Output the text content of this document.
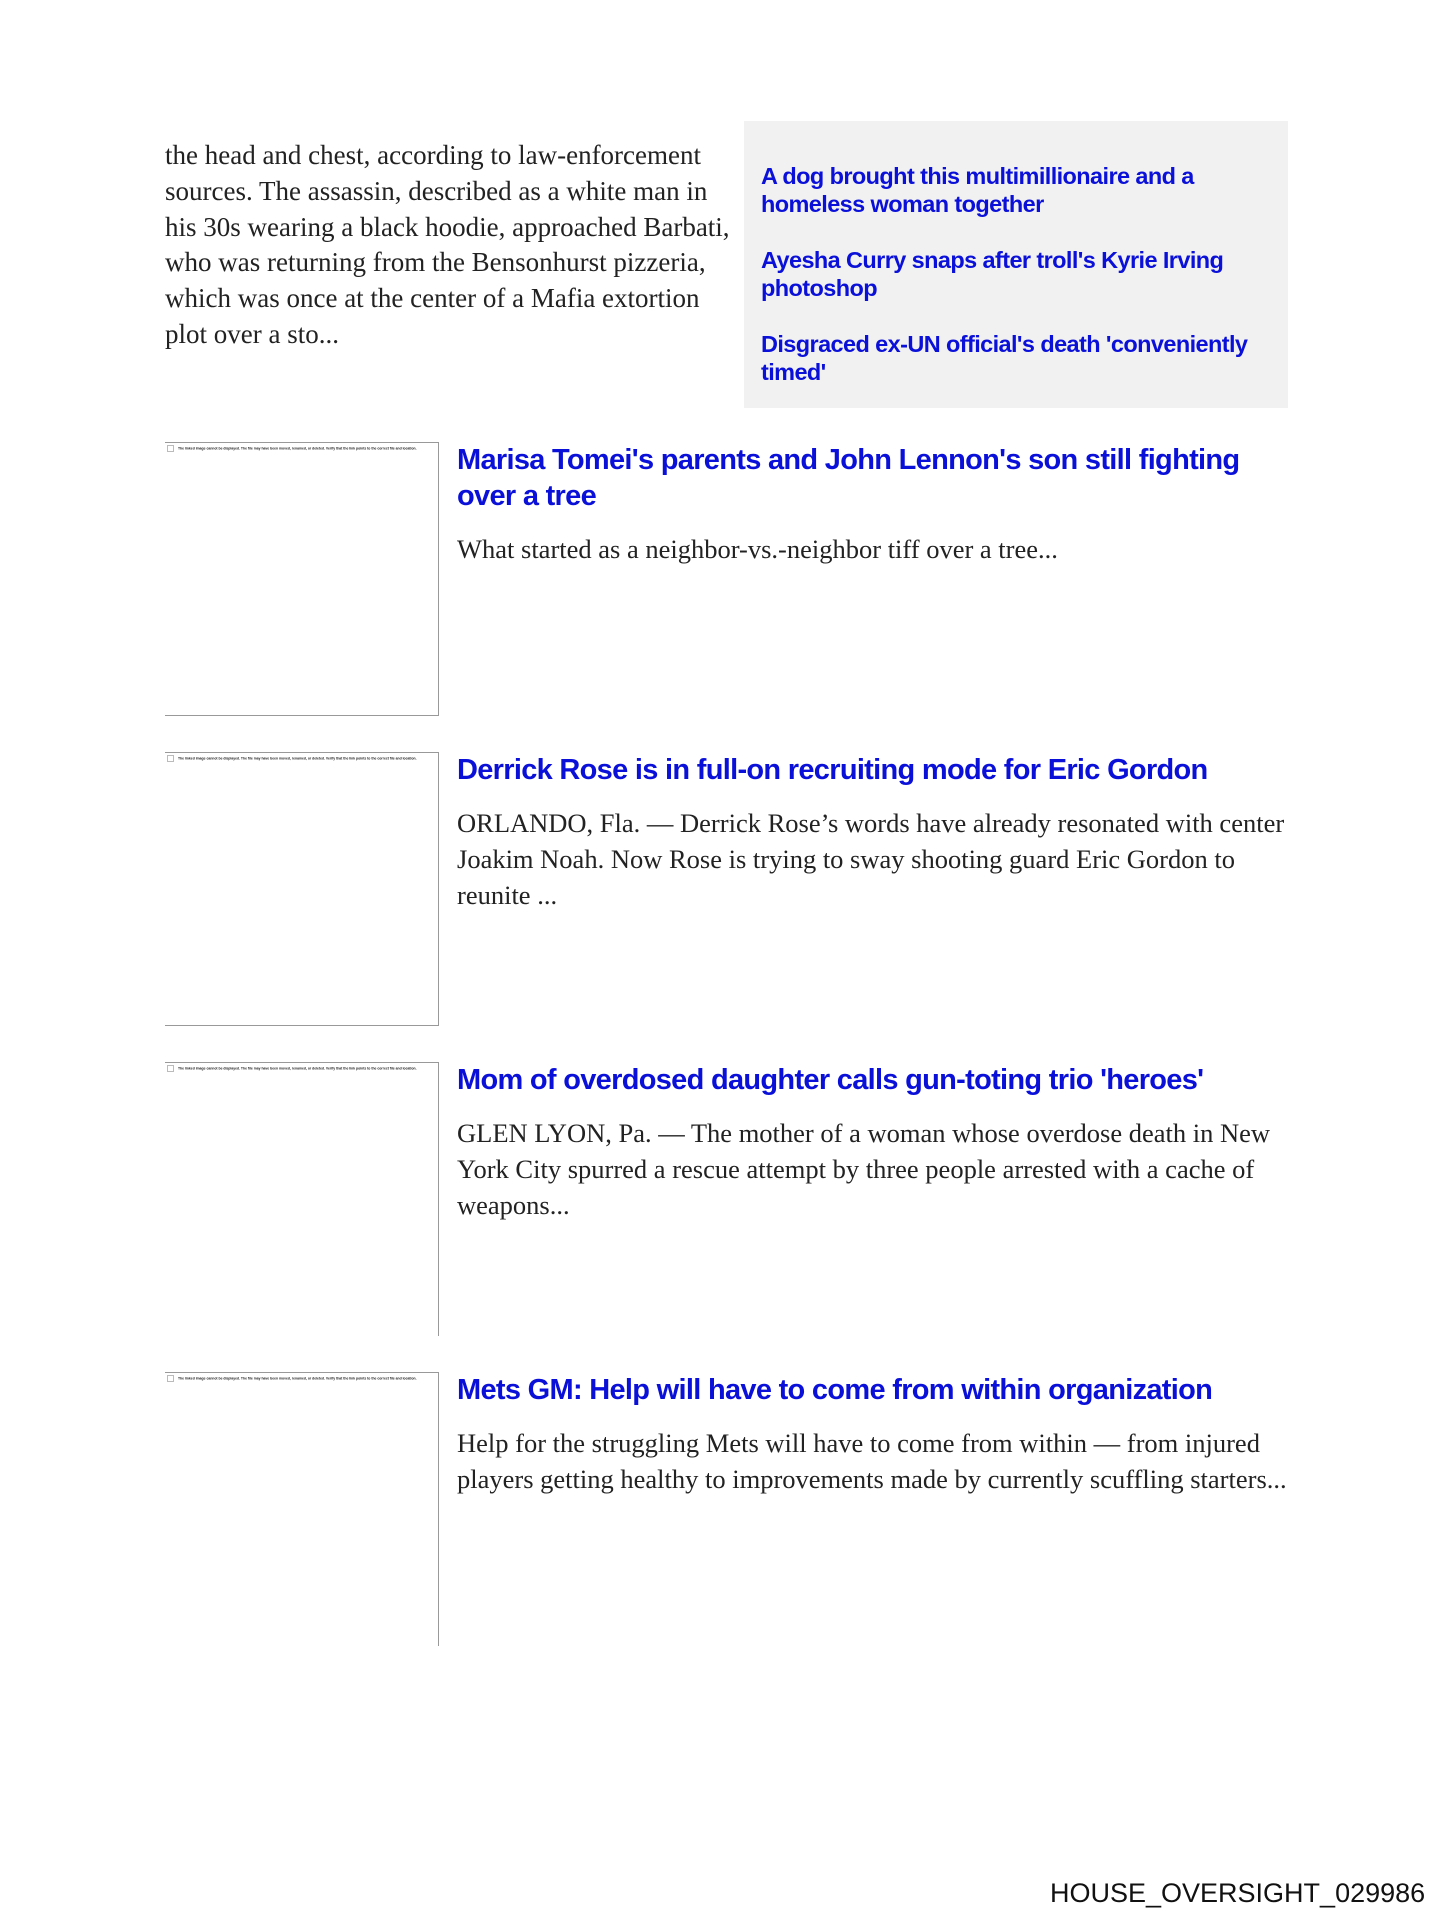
the head and chest, according to law-enforcement sources. The assassin, described as a white man in his 30s wearing a black hoodie, approached Barbati, who was returning from the Bensonhurst pizzeria, which was once at the center of a Mafia extortion plot over a sto...
A dog brought this multimillionaire and a homeless woman together
Ayesha Curry snaps after troll's Kyrie Irving photoshop
Disgraced ex-UN official's death 'conveniently timed'
The linked image cannot be displayed. The file may have been moved, renamed, or deleted. Verify that the link points to the correct file and location. Marisa Tomei's parents and John Lennon's son still fighting over a tree
What started as a neighbor-vs.-neighbor tiff over a tree...
The linked image cannot be displayed. The file may have been moved, renamed, or deleted. Verify that the link points to the correct file and location. Derrick Rose is in full-on recruiting mode for Eric Gordon
ORLANDO, Fla. — Derrick Rose’s words have already resonated with center Joakim Noah. Now Rose is trying to sway shooting guard Eric Gordon to reunite ...
The linked image cannot be displayed. The file may have been moved, renamed, or deleted. Verify that the link points to the correct file and location. Mom of overdosed daughter calls gun-toting trio 'heroes'
GLEN LYON, Pa. — The mother of a woman whose overdose death in New York City spurred a rescue attempt by three people arrested with a cache of weapons...
The linked image cannot be displayed. The file may have been moved, renamed, or deleted. Verify that the link points to the correct file and location. Mets GM: Help will have to come from within organization
Help for the struggling Mets will have to come from within — from injured players getting healthy to improvements made by currently scuffling starters...
HOUSE_OVERSIGHT_029986
